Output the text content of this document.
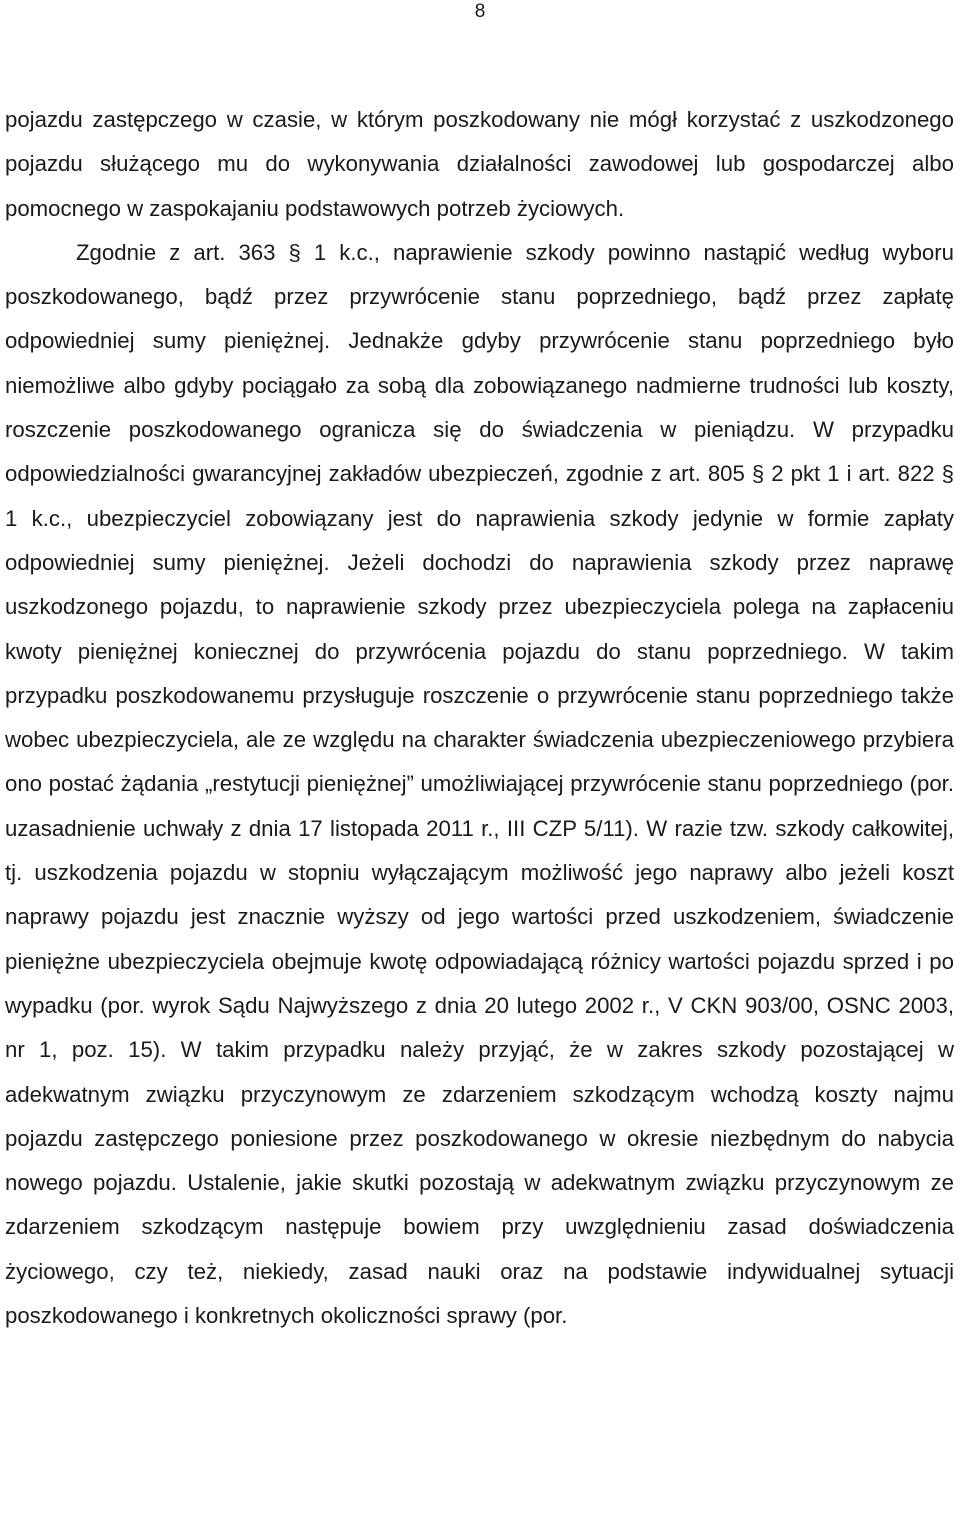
8

pojazdu zastępczego w czasie, w którym poszkodowany nie mógł korzystać z uszkodzonego pojazdu służącego mu do wykonywania działalności zawodowej lub gospodarczej albo pomocnego w zaspokajaniu podstawowych potrzeb życiowych.

Zgodnie z art. 363 § 1 k.c., naprawienie szkody powinno nastąpić według wyboru poszkodowanego, bądź przez przywrócenie stanu poprzedniego, bądź przez zapłatę odpowiedniej sumy pieniężnej. Jednakże gdyby przywrócenie stanu poprzedniego było niemożliwe albo gdyby pociągało za sobą dla zobowiązanego nadmierne trudności lub koszty, roszczenie poszkodowanego ogranicza się do świadczenia w pieniądzu. W przypadku odpowiedzialności gwarancyjnej zakładów ubezpieczeń, zgodnie z art. 805 § 2 pkt 1 i art. 822 § 1 k.c., ubezpieczyciel zobowiązany jest do naprawienia szkody jedynie w formie zapłaty odpowiedniej sumy pieniężnej. Jeżeli dochodzi do naprawienia szkody przez naprawę uszkodzonego pojazdu, to naprawienie szkody przez ubezpieczyciela polega na zapłaceniu kwoty pieniężnej koniecznej do przywrócenia pojazdu do stanu poprzedniego. W takim przypadku poszkodowanemu przysługuje roszczenie o przywrócenie stanu poprzedniego także wobec ubezpieczyciela, ale ze względu na charakter świadczenia ubezpieczeniowego przybiera ono postać żądania „restytucji pieniężnej” umożliwiającej przywrócenie stanu poprzedniego (por. uzasadnienie uchwały z dnia 17 listopada 2011 r., III CZP 5/11). W razie tzw. szkody całkowitej, tj. uszkodzenia pojazdu w stopniu wyłączającym możliwość jego naprawy albo jeżeli koszt naprawy pojazdu jest znacznie wyższy od jego wartości przed uszkodzeniem, świadczenie pieniężne ubezpieczyciela obejmuje kwotę odpowiadającą różnicy wartości pojazdu sprzed i po wypadku (por. wyrok Sądu Najwyższego z dnia 20 lutego 2002 r., V CKN 903/00, OSNC 2003, nr 1, poz. 15). W takim przypadku należy przyjąć, że w zakres szkody pozostającej w adekwatnym związku przyczynowym ze zdarzeniem szkodzącym wchodzą koszty najmu pojazdu zastępczego poniesione przez poszkodowanego w okresie niezbędnym do nabycia nowego pojazdu. Ustalenie, jakie skutki pozostają w adekwatnym związku przyczynowym ze zdarzeniem szkodzącym następuje bowiem przy uwzględnieniu zasad doświadczenia życiowego, czy też, niekiedy, zasad nauki oraz na podstawie indywidualnej sytuacji poszkodowanego i konkretnych okoliczności sprawy (por.
